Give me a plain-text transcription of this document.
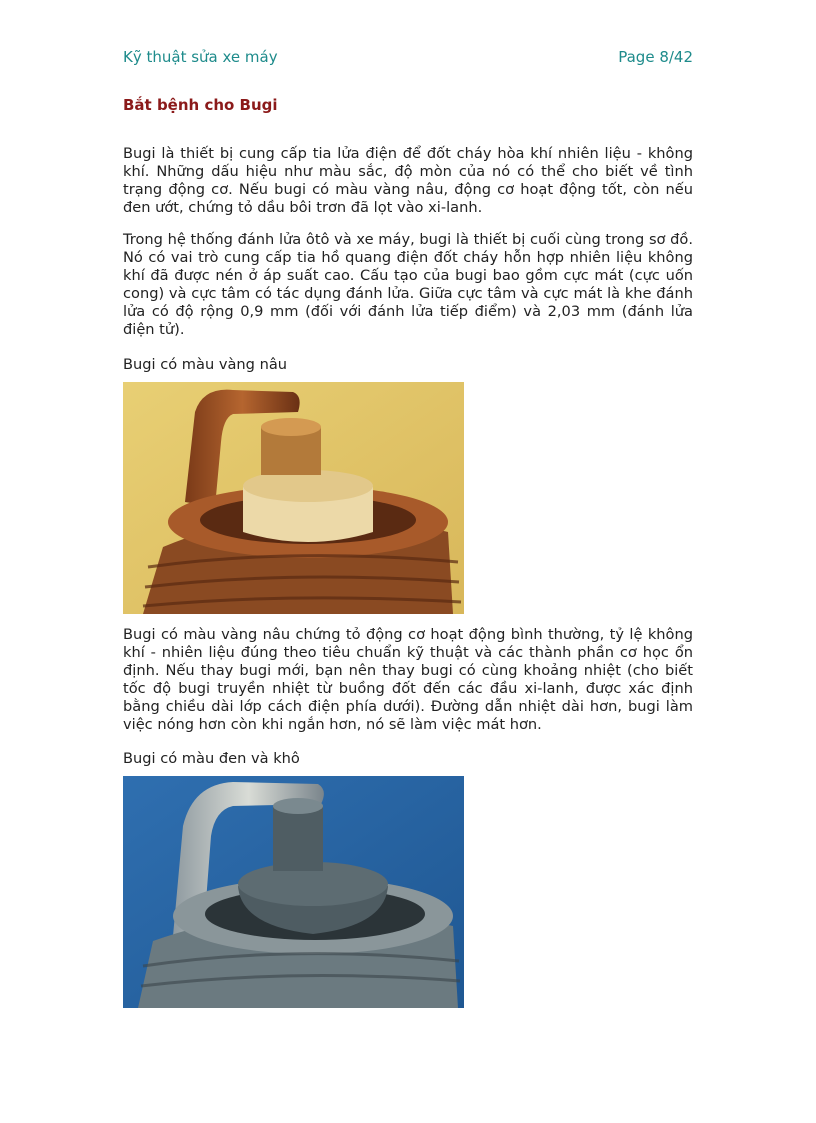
Kỹ thuật sửa xe máy	Page 8/42
Bắt bệnh cho Bugi

Bugi là thiết bị cung cấp tia lửa điện để đốt cháy hòa khí nhiên liệu - không khí. Những dấu hiệu như màu sắc, độ mòn của nó có thể cho biết về tình trạng động cơ. Nếu bugi có màu vàng nâu, động cơ hoạt động tốt, còn nếu đen ướt, chứng tỏ dầu bôi trơn đã lọt vào xi-lanh.

Trong hệ thống đánh lửa ôtô và xe máy, bugi là thiết bị cuối cùng trong sơ đồ. Nó có vai trò cung cấp tia hồ quang điện đốt cháy hỗn hợp nhiên liệu không khí đã được nén ở áp suất cao. Cấu tạo của bugi bao gồm cực mát (cực uốn cong) và cực tâm có tác dụng đánh lửa. Giữa cực tâm và cực mát là khe đánh lửa có độ rộng 0,9 mm (đối với đánh lửa tiếp điểm) và 2,03 mm (đánh lửa điện tử).

Bugi có màu vàng nâu

Bugi có màu vàng nâu chứng tỏ động cơ hoạt động bình thường, tỷ lệ không khí - nhiên liệu đúng theo tiêu chuẩn kỹ thuật và các thành phần cơ học ổn định. Nếu thay bugi mới, bạn nên thay bugi có cùng khoảng nhiệt (cho biết tốc độ bugi truyền nhiệt từ buồng đốt đến các đầu xi-lanh, được xác định bằng chiều dài lớp cách điện phía dưới). Đường dẫn nhiệt dài hơn, bugi làm việc nóng hơn còn khi ngắn hơn, nó sẽ làm việc mát hơn.

Bugi có màu đen và khô
